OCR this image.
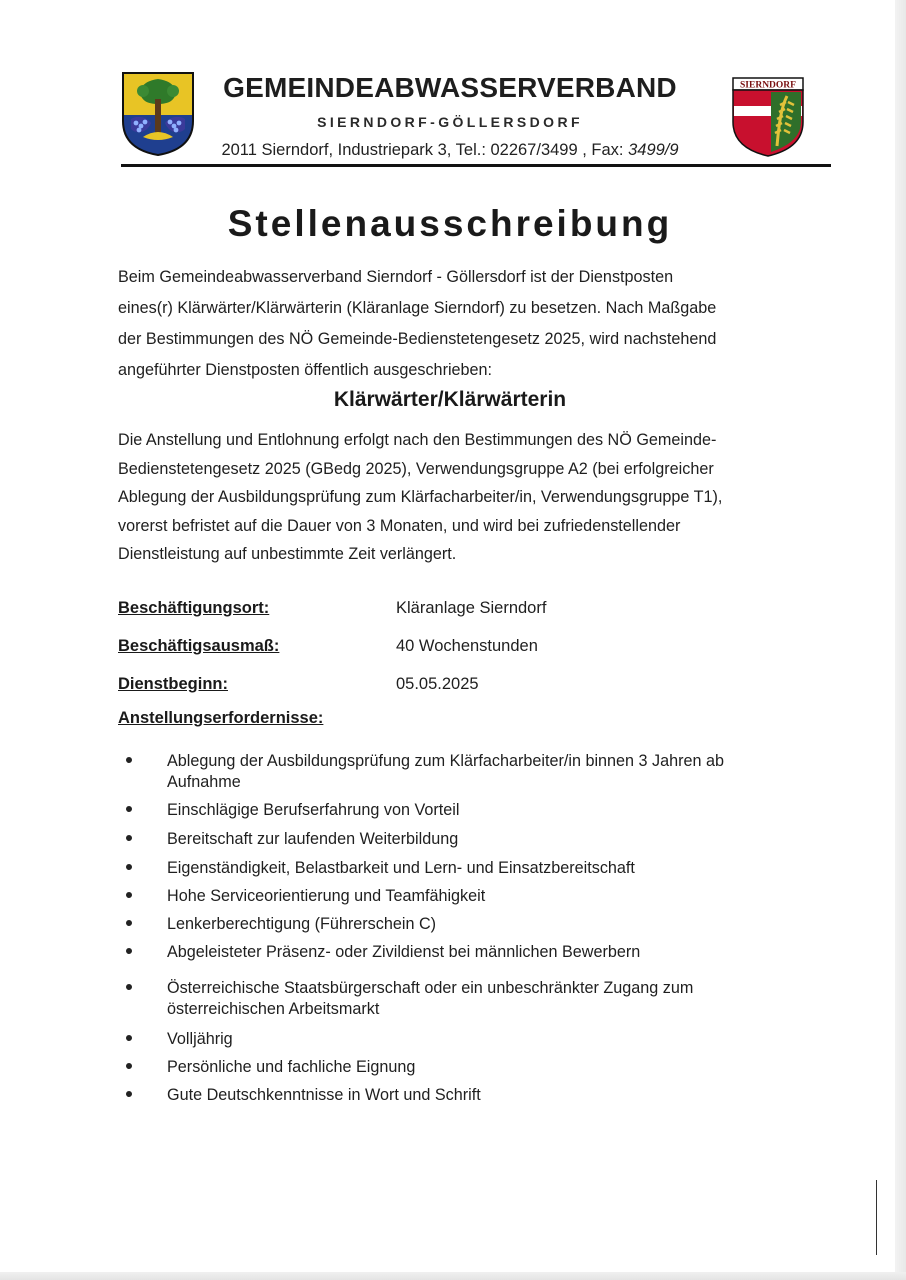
SIERNDORF
GEMEINDEABWASSERVERBAND
SIERNDORF-GÖLLERSDORF
2011 Sierndorf, Industriepark 3, Tel.: 02267/3499 , Fax: 3499/9
Stellenausschreibung
Beim Gemeindeabwasserverband Sierndorf - Göllersdorf ist der Dienstposten
eines(r) Klärwärter/Klärwärterin (Kläranlage Sierndorf) zu besetzen. Nach Maßgabe
der Bestimmungen des NÖ Gemeinde-Bedienstetengesetz 2025, wird nachstehend
angeführter Dienstposten öffentlich ausgeschrieben:
Klärwärter/Klärwärterin
Die Anstellung und Entlohnung erfolgt nach den Bestimmungen des NÖ Gemeinde-
Bedienstetengesetz 2025 (GBedg 2025), Verwendungsgruppe A2 (bei erfolgreicher
Ablegung der Ausbildungsprüfung zum Klärfacharbeiter/in, Verwendungsgruppe T1),
vorerst befristet auf die Dauer von 3 Monaten, und wird bei zufriedenstellender
Dienstleistung auf unbestimmte Zeit verlängert.
Beschäftigungsort:	Kläranlage Sierndorf
Beschäftigsausmaß:	40 Wochenstunden
Dienstbeginn:	05.05.2025
Anstellungserfordernisse:
Ablegung der Ausbildungsprüfung zum Klärfacharbeiter/in binnen 3 Jahren ab Aufnahme
Einschlägige Berufserfahrung von Vorteil
Bereitschaft zur laufenden Weiterbildung
Eigenständigkeit, Belastbarkeit und Lern- und Einsatzbereitschaft
Hohe Serviceorientierung und Teamfähigkeit
Lenkerberechtigung (Führerschein C)
Abgeleisteter Präsenz- oder Zivildienst bei männlichen Bewerbern
Österreichische Staatsbürgerschaft oder ein unbeschränkter Zugang zum österreichischen Arbeitsmarkt
Volljährig
Persönliche und fachliche Eignung
Gute Deutschkenntnisse in Wort und Schrift
